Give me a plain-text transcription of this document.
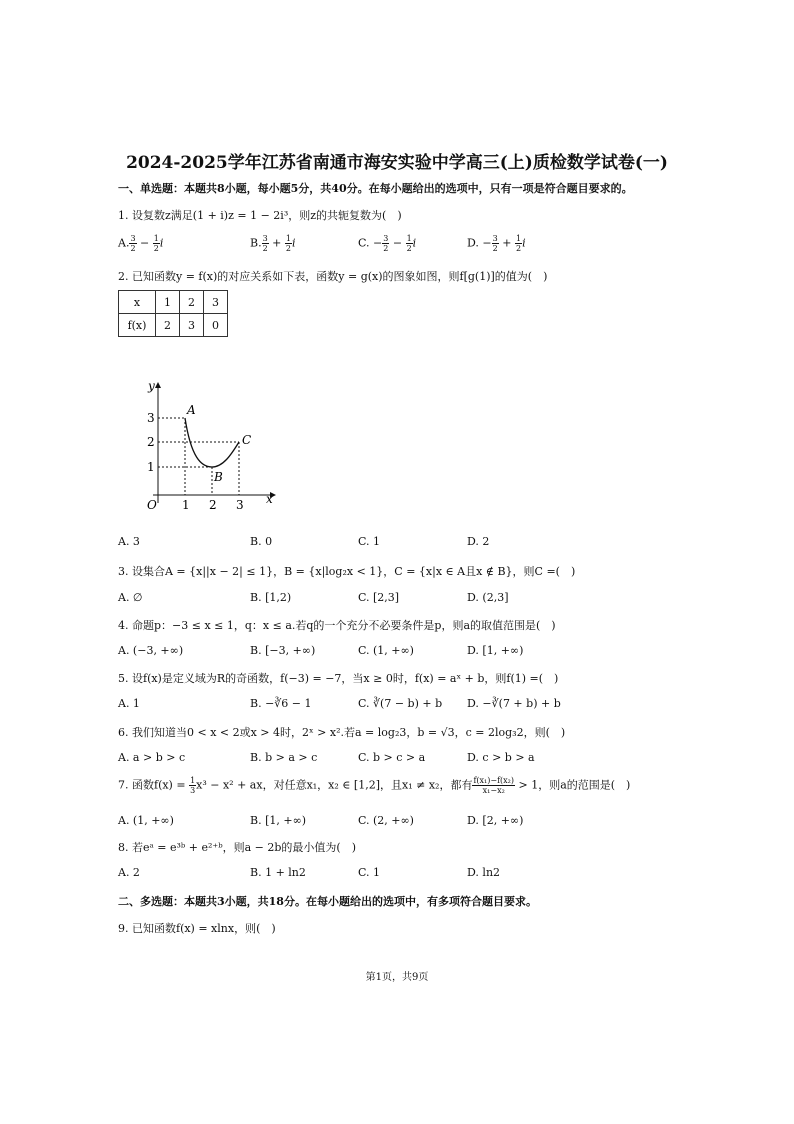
2024-2025学年江苏省南通市海安实验中学高三(上)质检数学试卷(一)
一、单选题：本题共8小题，每小题5分，共40分。在每小题给出的选项中，只有一项是符合题目要求的。
1. 设复数z满足(1 + i)z = 1 − 2i³，则z的共轭复数为(　)
A. $\frac{3}{2} - \frac{1}{2}$ i	B. $\frac{3}{2} + \frac{1}{2}$ i	C. − $\frac{3}{2} - \frac{1}{2}$ i	D. − $\frac{3}{2} + \frac{1}{2}$ i
2. 已知函数y = f(x)的对应关系如下表，函数y = g(x)的图象如图，则f[g(1)]的值为(　)
x	1	2	3
f(x)	2	3	0
A
B
C
O	x
y
1 2 3
1
2
3
A. 3	B. 0	C. 1	D. 2
3. 设集合A = {x||x − 2| ≤ 1}，B = {x|log₂x < 1}，C = {x|x ∈ A且x ∉ B}，则C =(　)
A. ∅	B. [1,2)	C. [2,3]	D. (2,3]
4. 命题p：−3 ≤ x ≤ 1，q：x ≤ a.若q的一个充分不必要条件是p，则a的取值范围是(　)
A. (−3, +∞)	B. [−3, +∞)	C. (1, +∞)	D. [1, +∞)
5. 设f(x)是定义域为R的奇函数，f(−3) = −7，当x ≥ 0时，f(x) = aˣ + b，则f(1) =(　)
A. 1	B. −∛6 − 1	C. ∛(7 − b) + b D. −∛(7 + b) + b
6. 我们知道当0 < x < 2或x > 4时，2ˣ > x².若a = log₂3，b = √3，c = 2log₃2，则(　)
A. a > b > c	B. b > a > c	C. b > c > a	D. c > b > a
7. 函数$f(x) = \frac{1}{3} x^3 - x^2$ + ax，对任意x₁，x₂ ∈ [1,2]，且x₁ ≠ x₂，都有 $\frac{\text{f(x₁)−f(x₂)}}{\text{x₁−x₂}} > 1$，则a的范围是(　)
A. (1, +∞)	B. [1, +∞)	C. (2, +∞)	D. [2, +∞)
8. 若eᵃ = e³ᵇ + e²⁺ᵇ，则a − 2b的最小值为(　)
A. 2	B. 1 + ln2	C. 1	D. ln2
二、多选题：本题共3小题，共18分。在每小题给出的选项中，有多项符合题目要求。
9. 已知函数f(x) = xlnx，则(　)
第1页，共9页
